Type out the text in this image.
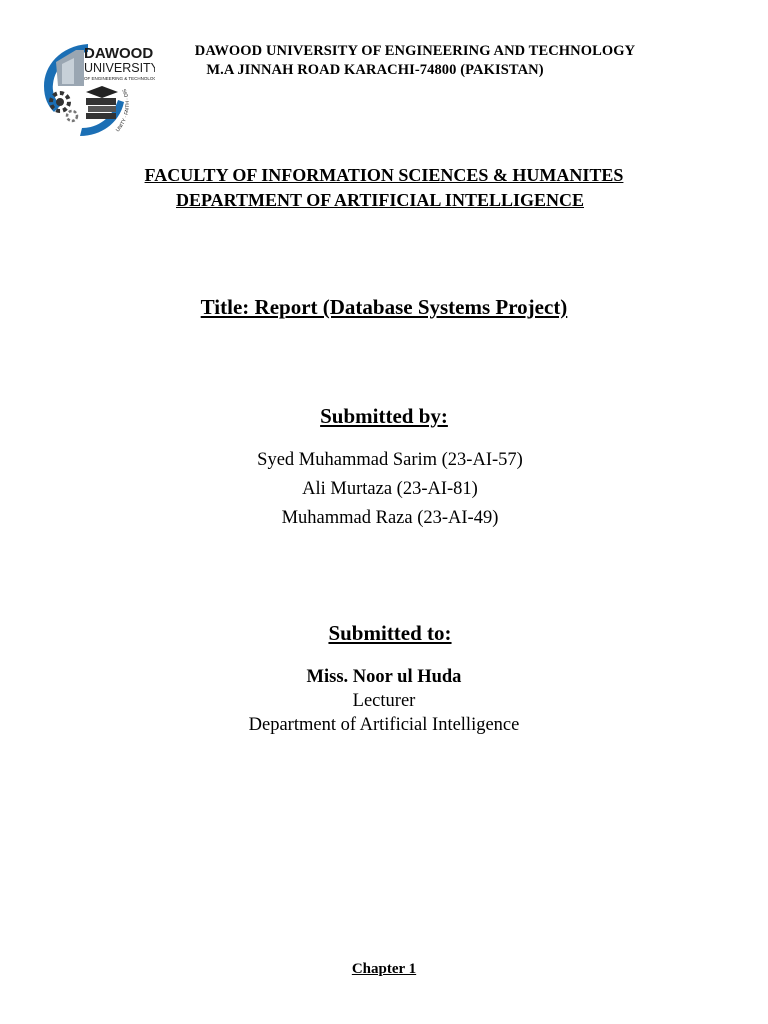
DAWOOD
UNIVERSITY
OF ENGINEERING & TECHNOLOGY
UNITY · FAITH · DIS
DAWOOD UNIVERSITY OF ENGINEERING AND TECHNOLOGY
M.A JINNAH ROAD KARACHI-74800 (PAKISTAN)
FACULTY OF INFORMATION SCIENCES & HUMANITES
DEPARTMENT OF ARTIFICIAL INTELLIGENCE
Title: Report (Database Systems Project)
Submitted by:
Syed Muhammad Sarim (23-AI-57)
Ali Murtaza (23-AI-81)
Muhammad Raza (23-AI-49)
Submitted to:
Miss. Noor ul Huda
Lecturer
Department of Artificial Intelligence
Chapter 1
